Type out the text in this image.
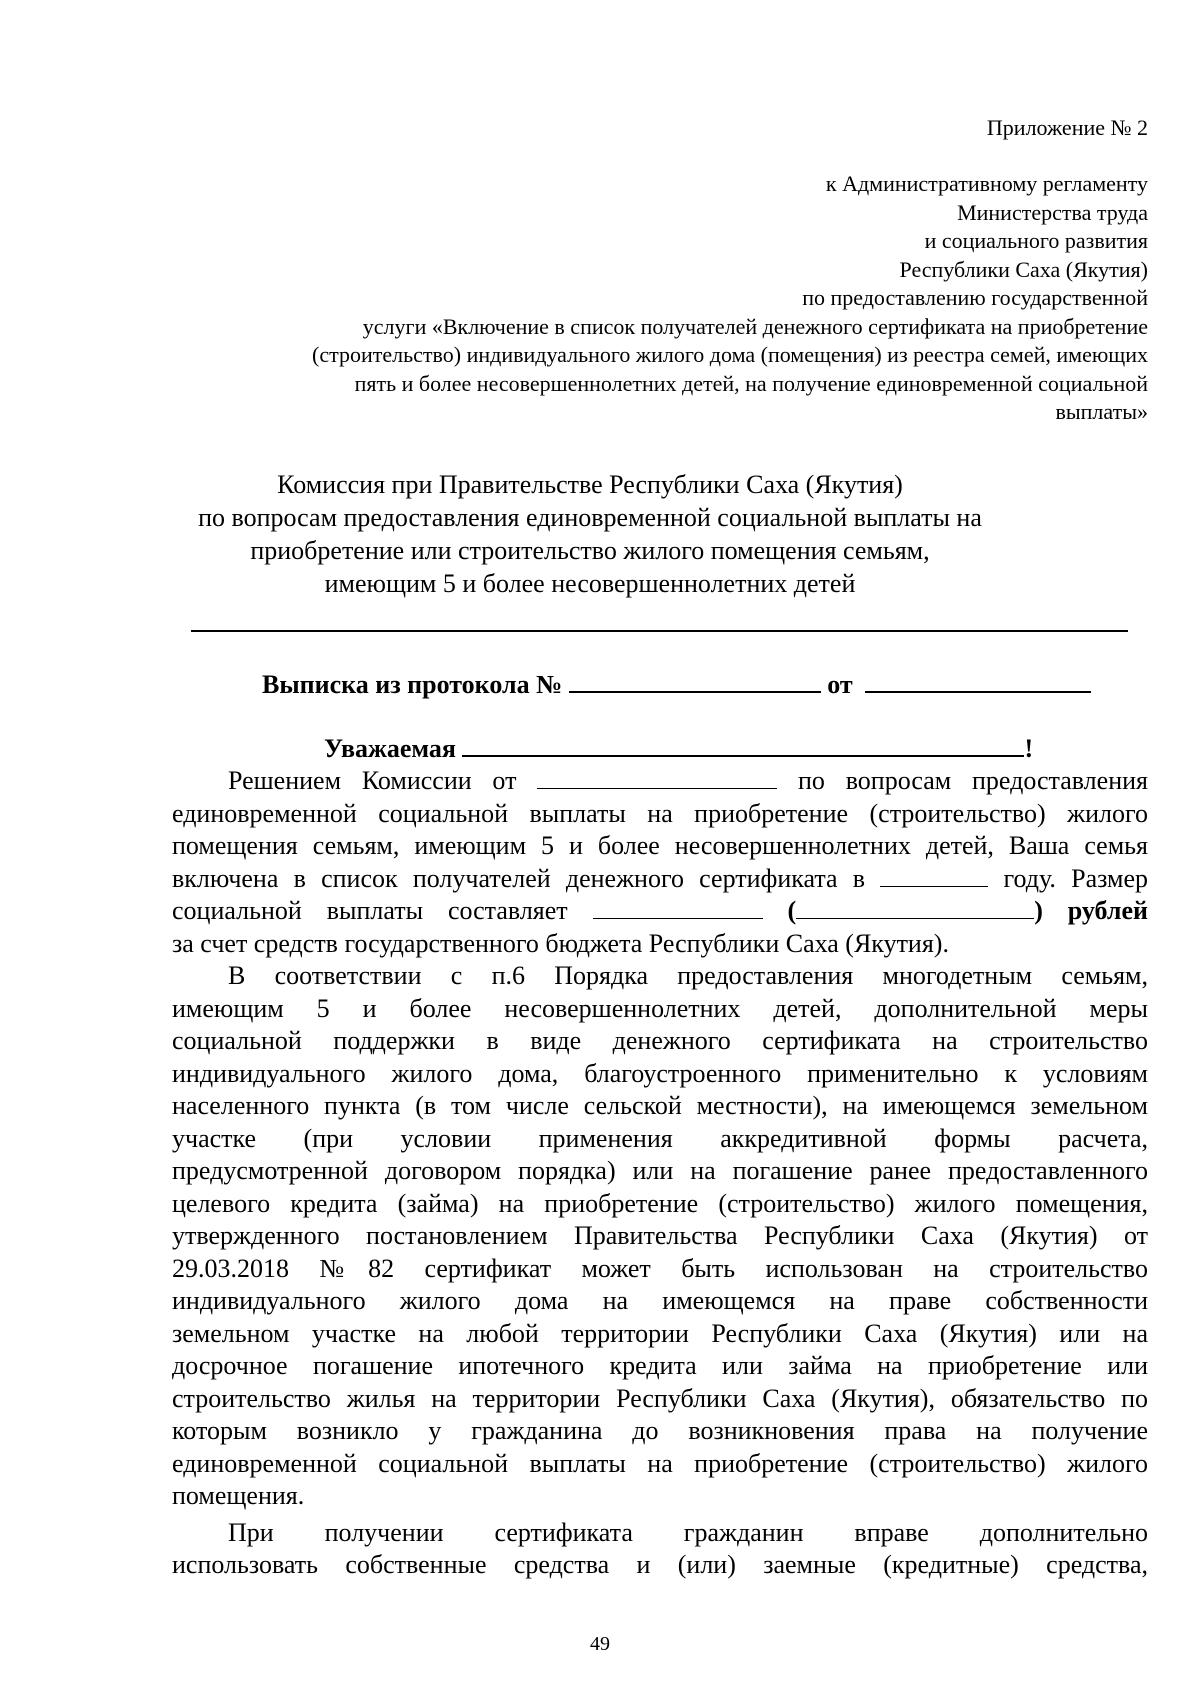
Приложение № 2
к Административному регламенту
Министерства труда
и социального развития
Республики Саха (Якутия)
по предоставлению государственной
услуги «Включение в список получателей денежного сертификата на приобретение
(строительство) индивидуального жилого дома (помещения) из реестра семей, имеющих
пять и более несовершеннолетних детей, на получение единовременной социальной
выплаты»
Комиссия при Правительстве Республики Саха (Якутия)
по вопросам предоставления единовременной социальной выплаты на
приобретение или строительство жилого помещения семьям,
имеющим 5 и более несовершеннолетних детей
Выписка из протокола №	от
Уважаемая	!

Решением Комиссии от	по вопросам предоставления
единовременной социальной выплаты на приобретение (строительство) жилого
помещения семьям, имеющим 5 и более несовершеннолетних детей, Ваша семья
включена в список получателей денежного сертификата в	году. Размер
социальной выплаты составляет	(	) рублей
за счет средств государственного бюджета Республики Саха (Якутия).

В соответствии с п.6 Порядка предоставления многодетным семьям,
имеющим 5 и более несовершеннолетних детей, дополнительной меры
социальной поддержки в виде денежного сертификата на строительство
индивидуального жилого дома, благоустроенного применительно к условиям
населенного пункта (в том числе сельской местности), на имеющемся земельном
участке (при условии применения аккредитивной формы расчета,
предусмотренной договором порядка) или на погашение ранее предоставленного
целевого кредита (займа) на приобретение (строительство) жилого помещения,
утвержденного постановлением Правительства Республики Саха (Якутия) от
29.03.2018 №82 сертификат может быть использован на строительство
индивидуального жилого дома на имеющемся на праве собственности
земельном участке на любой территории Республики Саха (Якутия) или на
досрочное погашение ипотечного кредита или займа на приобретение или
строительство жилья на территории Республики Саха (Якутия), обязательство по
которым возникло у гражданина до возникновения права на получение
единовременной социальной выплаты на приобретение (строительство) жилого
помещения.

При получении сертификата гражданин вправе дополнительно
использовать собственные средства и (или) заемные (кредитные) средства,

49
